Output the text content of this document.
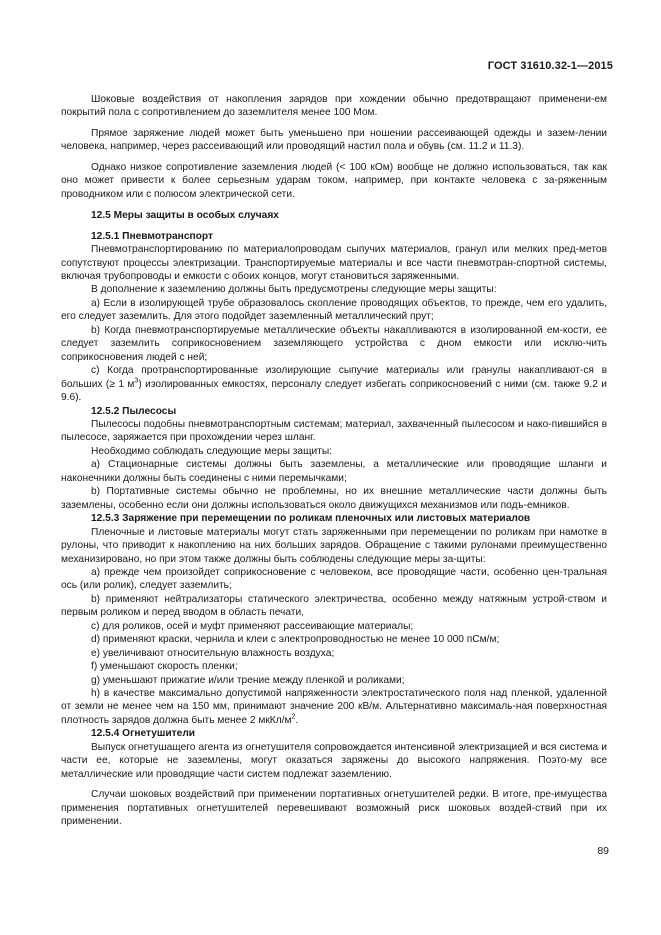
ГОСТ 31610.32-1—2015

Шоковые воздействия от накопления зарядов при хождении обычно предотвращают применени-ем покрытий пола с сопротивлением до заземлителя менее 100 Мом.

Прямое заряжение людей может быть уменьшено при ношении рассеивающей одежды и зазем-лении человека, например, через рассеивающий или проводящий настил пола и обувь (см. 11.2 и 11.3).

Однако низкое сопротивление заземления людей (< 100 кОм) вообще не должно использоваться, так как оно может привести к более серьезным ударам током, например, при контакте человека с за-ряженным проводником или с полюсом электрической сети.

12.5 Меры защиты в особых случаях

12.5.1 Пневмотранспорт

Пневмотранспортированию по материалопроводам сыпучих материалов, гранул или мелких пред-метов сопутствуют процессы электризации. Транспортируемые материалы и все части пневмотран-спортной системы, включая трубопроводы и емкости с обоих концов, могут становиться заряженными.

В дополнение к заземлению должны быть предусмотрены следующие меры защиты:

а) Если в изолирующей трубе образовалось скопление проводящих объектов, то прежде, чем его удалить, его следует заземлить. Для этого подойдет заземленный металлический прут;

b) Когда пневмотранспортируемые металлические объекты накапливаются в изолированной ем-кости, ее следует заземлить соприкосновением заземляющего устройства с дном емкости или исклю-чить соприкосновения людей с ней;

c) Когда протранспортированные изолирующие сыпучие материалы или гранулы накапливают-ся в больших (≥ 1 $м^3$) изолированных емкостях, персоналу следует избегать соприкосновений с ними (см. также 9.2 и 9.6).

12.5.2 Пылесосы

Пылесосы подобны пневмотранспортным системам; материал, захваченный пылесосом и нако-пившийся в пылесосе, заряжается при прохождении через шланг.

Необходимо соблюдать следующие меры защиты:

а) Стационарные системы должны быть заземлены, а металлические или проводящие шланги и наконечники должны быть соединены с ними перемычками;

b) Портативные системы обычно не проблемны, но их внешние металлические части должны быть заземлены, особенно если они должны использоваться около движущихся механизмов или подъ-емников.

12.5.3 Заряжение при перемещении по роликам пленочных или листовых материалов

Пленочные и листовые материалы могут стать заряженными при перемещении по роликам при намотке в рулоны, что приводит к накоплению на них больших зарядов. Обращение с такими рулонами преимущественно механизировано, но при этом также должны быть соблюдены следующие меры за-щиты:

а) прежде чем произойдет соприкосновение с человеком, все проводящие части, особенно цен-тральная ось (или ролик), следует заземлить;

b) применяют нейтрализаторы статического электричества, особенно между натяжным устрой-ством и первым роликом и перед вводом в область печати,

c) для роликов, осей и муфт применяют рассеивающие материалы;

d) применяют краски, чернила и клеи с электропроводностью не менее 10 000 пСм/м;

e) увеличивают относительную влажность воздуха;

f) уменьшают скорость пленки;

g) уменьшают прижатие и/или трение между пленкой и роликами;

h) в качестве максимально допустимой напряженности электростатического поля над пленкой, удаленной от земли не менее чем на 150 мм, принимают значение 200 кВ/м. Альтернативно максималь-ная поверхностная плотность зарядов должна быть менее 2 мкКл/$м^2$.

12.5.4 Огнетушители

Выпуск огнетушащего агента из огнетушителя сопровождается интенсивной электризацией и вся система и части ее, которые не заземлены, могут оказаться заряжены до высокого напряжения. Поэто-му все металлические или проводящие части систем подлежат заземлению.

Случаи шоковых воздействий при применении портативных огнетушителей редки. В итоге, пре-имущества применения портативных огнетушителей перевешивают возможный риск шоковых воздей-ствий при их применении.

89
